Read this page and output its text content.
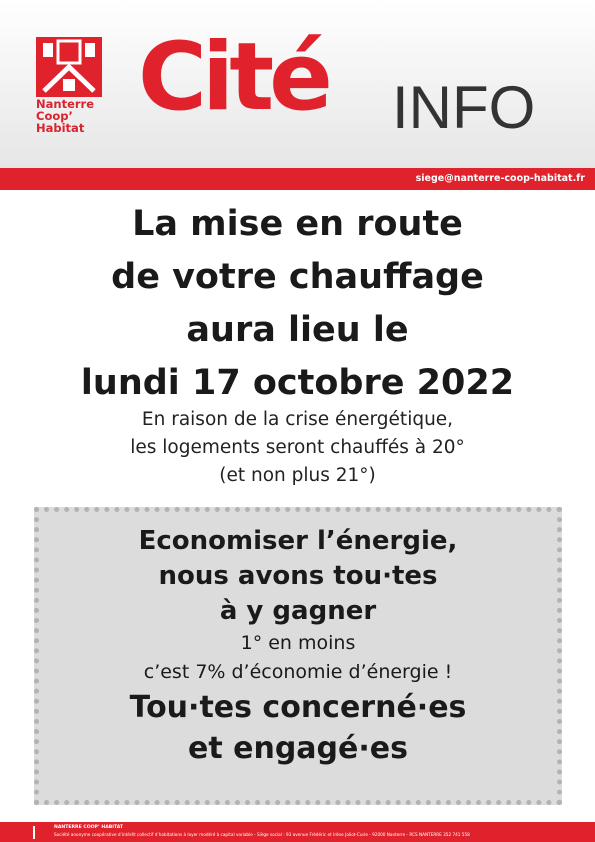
Nanterre
Coop’
Habitat Cité INFO
siege@nanterre-coop-habitat.fr
La mise en route
de votre chauffage
aura lieu le
lundi 17 octobre 2022
En raison de la crise énergétique,
les logements seront chauffés à 20°
(et non plus 21°)
Economiser l’énergie,
nous avons tou·tes
à y gagner
1° en moins
c’est 7% d’économie d’énergie !
Tou·tes concerné·es
et engagé·es
NANTERRE COOP’ HABITAT
Société anonyme coopérative d’intérêt collectif d’habitations à loyer modéré à capital variable - Siège social : 93 avenue Frédéric et Irène Joliot-Curie - 92000 Nanterre - RCS NANTERRE 352 741 558
